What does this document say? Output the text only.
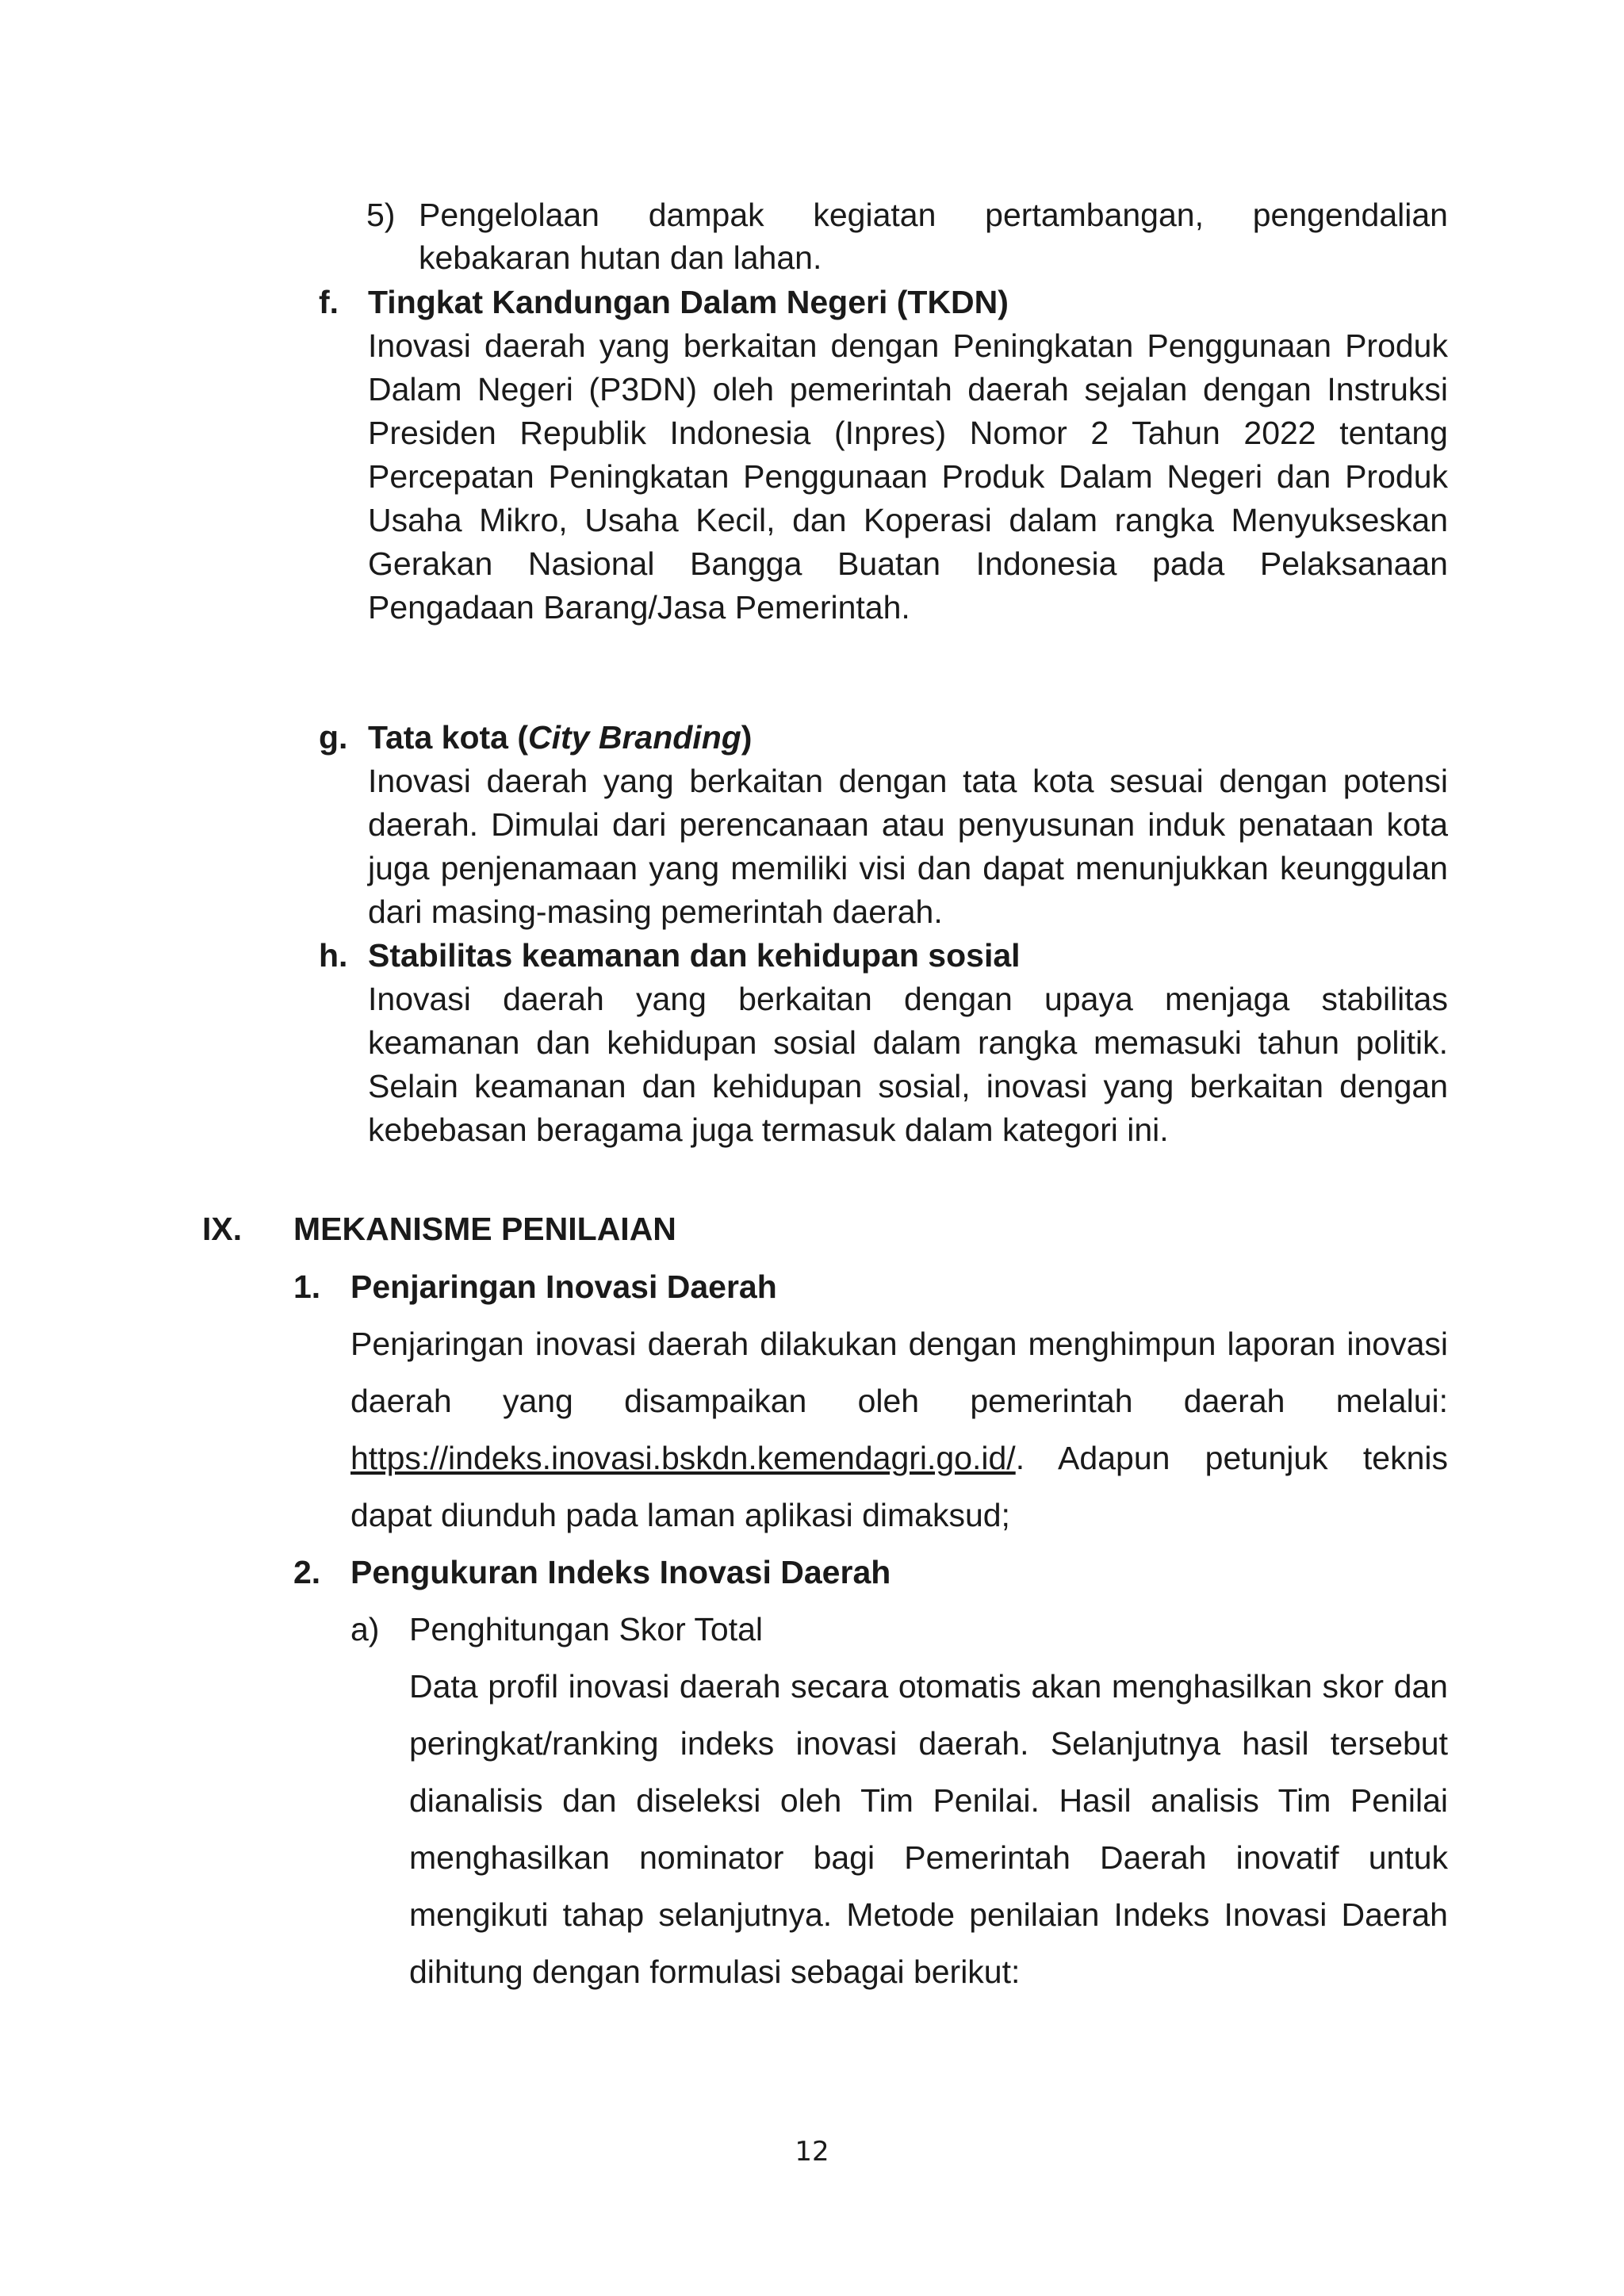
5) Pengelolaan dampak kegiatan pertambangan, pengendalian
kebakaran hutan dan lahan.
f. Tingkat Kandungan Dalam Negeri (TKDN)
Inovasi daerah yang berkaitan dengan Peningkatan Penggunaan Produk
Dalam Negeri (P3DN) oleh pemerintah daerah sejalan dengan Instruksi
Presiden Republik Indonesia (Inpres) Nomor 2 Tahun 2022 tentang
Percepatan Peningkatan Penggunaan Produk Dalam Negeri dan Produk
Usaha Mikro, Usaha Kecil, dan Koperasi dalam rangka Menyukseskan
Gerakan Nasional Bangga Buatan Indonesia pada Pelaksanaan
Pengadaan Barang/Jasa Pemerintah.
g. Tata kota (City Branding)
Inovasi daerah yang berkaitan dengan tata kota sesuai dengan potensi
daerah. Dimulai dari perencanaan atau penyusunan induk penataan kota
juga penjenamaan yang memiliki visi dan dapat menunjukkan keunggulan
dari masing-masing pemerintah daerah.
h. Stabilitas keamanan dan kehidupan sosial
Inovasi daerah yang berkaitan dengan upaya menjaga stabilitas
keamanan dan kehidupan sosial dalam rangka memasuki tahun politik.
Selain keamanan dan kehidupan sosial, inovasi yang berkaitan dengan
kebebasan beragama juga termasuk dalam kategori ini.
IX. MEKANISME PENILAIAN
1. Penjaringan Inovasi Daerah
Penjaringan inovasi daerah dilakukan dengan menghimpun laporan inovasi
daerah yang disampaikan oleh pemerintah daerah melalui:
https://indeks.inovasi.bskdn.kemendagri.go.id/. Adapun petunjuk teknis
dapat diunduh pada laman aplikasi dimaksud;
2. Pengukuran Indeks Inovasi Daerah
a) Penghitungan Skor Total
Data profil inovasi daerah secara otomatis akan menghasilkan skor dan
peringkat/ranking indeks inovasi daerah. Selanjutnya hasil tersebut
dianalisis dan diseleksi oleh Tim Penilai. Hasil analisis Tim Penilai
menghasilkan nominator bagi Pemerintah Daerah inovatif untuk
mengikuti tahap selanjutnya. Metode penilaian Indeks Inovasi Daerah
dihitung dengan formulasi sebagai berikut:
12
